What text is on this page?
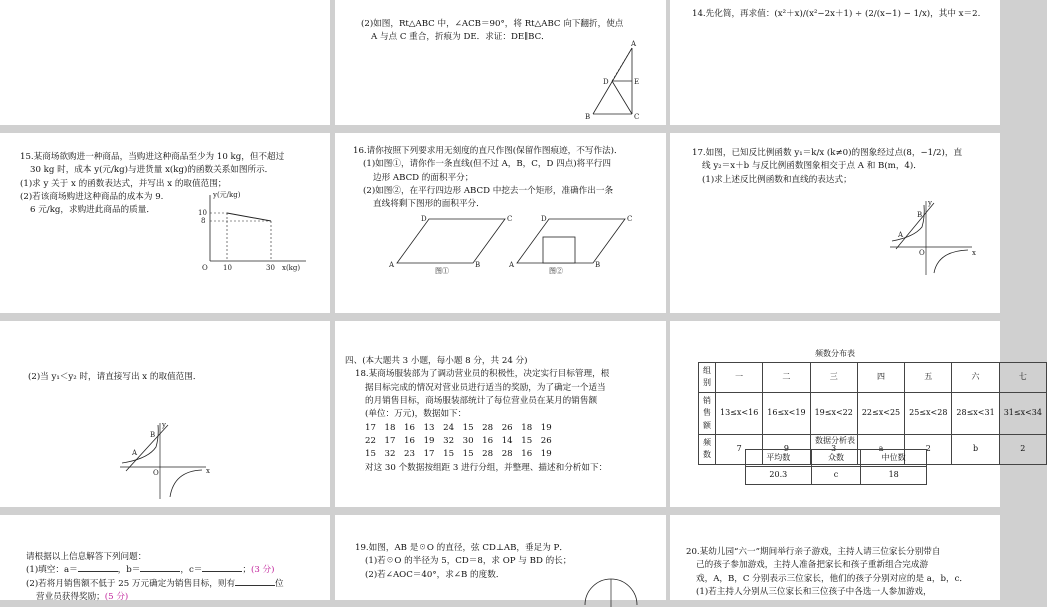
(2)如图，Rt△ABC 中，∠ACB＝90°，将 Rt△ABC 向下翻折，使点
A 与点 C 重合，折痕为 DE．求证：DE∥BC．
A
D	E
B	C
14.先化简，再求值：(x²＋x)/(x²−2x＋1) ÷ (2/(x−1) − 1/x)，其中 x＝2.
15.某商场欲购进一种商品，当购进这种商品至少为 10 kg，但不超过
30 kg 时，成本 y(元/kg)与进货量 x(kg)的函数关系如图所示．
(1)求 y 关于 x 的函数表达式，并写出 x 的取值范围；
(2)若该商场购进这种商品的成本为 9.
6 元/kg，求购进此商品的质量．
y(元/kg)
10
8
O 10	30 x(kg)
16.请你按照下列要求用无刻度的直尺作图(保留作图痕迹，不写作法)．
(1)如图①，请你作一条直线(但不过 A，B，C，D 四点)将平行四
边形 ABCD 的面积平分；
(2)如图②，在平行四边形 ABCD 中挖去一个矩形，准确作出一条
直线将剩下图形的面积平分．
D	C
A	B
图①
D	C
A	B
图②
17.如图，已知反比例函数 y₁＝k/x (k≠0)的图象经过点(8，−1/2)，直
线 y₂＝x＋b 与反比例函数图象相交于点 A 和 B(m，4)．
(1)求上述反比例函数和直线的表达式；
y
B
A
O	x
(2)当 y₁＜y₂ 时，请直接写出 x 的取值范围．
y
B
A
O	x
四、(本大题共 3 小题，每小题 8 分，共 24 分)
18.某商场服装部为了调动营业员的积极性，决定实行目标管理，根
据目标完成的情况对营业员进行适当的奖励，为了确定一个适当
的月销售目标，商场服装部统计了每位营业员在某月的销售额
(单位：万元)，数据如下：
17　18　16　13　24　15　28　26　18　19
22　17　16　19　32　30　16　14　15　26
15　32　23　17　15　15　28　28　16　19
对这 30 个数据按组距 3 进行分组，并整理、描述和分析如下：
频数分布表
组别	一	二	三	四	五	六	七
销售额	13≤x<16	16≤x<19	19≤x<22	22≤x<25	25≤x<28	28≤x<31	31≤x<34
频数	7	9	3	a	2	b	2
数据分析表
平均数	众数	中位数
20.3	c	18
请根据以上信息解答下列问题：
(1)填空：a＝	，b＝	，c＝	；(3 分)
(2)若将月销售额不低于 25 万元确定为销售目标，则有	位
营业员获得奖励；(5 分)
19.如图，AB 是☉O 的直径，弦 CD⊥AB，垂足为 P．
(1)若☉O 的半径为 5，CD＝8，求 OP 与 BD 的长；
(2)若∠AOC＝40°，求∠B 的度数．
20.某幼儿园“六一”期间举行亲子游戏，主持人请三位家长分别带自
己的孩子参加游戏，主持人准备把家长和孩子重新组合完成游
戏，A，B，C 分别表示三位家长，他们的孩子分别对应的是 a，b，c．
(1)若主持人分别从三位家长和三位孩子中各选一人参加游戏，
